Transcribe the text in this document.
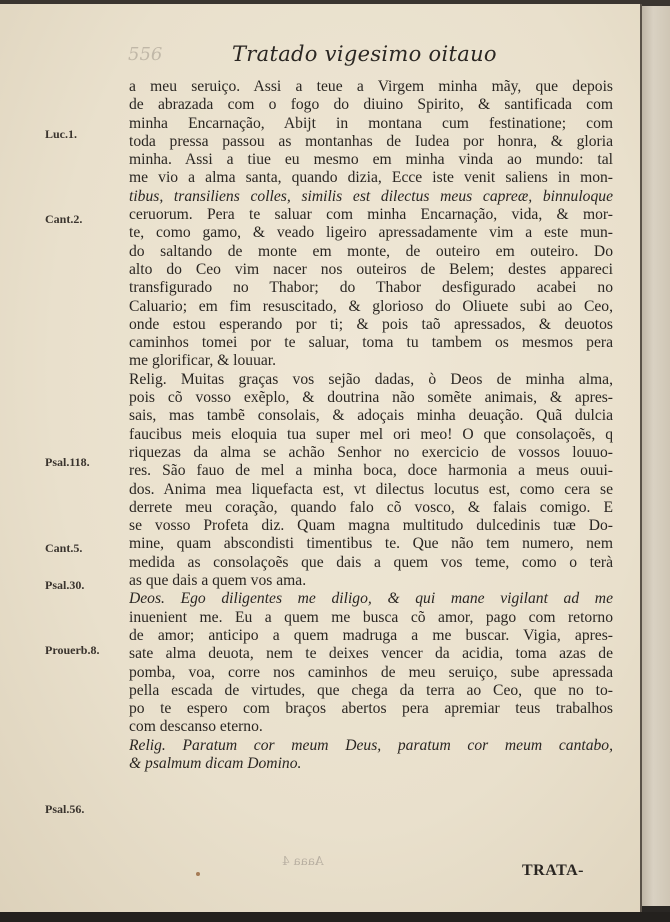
556	Tratado vigesimo oitauo
Luc.1.
Cant.2.
Psal.118.
Cant.5.
Psal.30.
Prouerb.8.
Psal.56.
a meu seruiço. Assi a teue a Virgem minha mãy, que depois
de abrazada com o fogo do diuino Spirito, & santificada com
minha Encarnação, Abijt in montana cum festinatione; com
toda pressa passou as montanhas de Iudea por honra, & gloria
minha. Assi a tiue eu mesmo em minha vinda ao mundo: tal
me vio a alma santa, quando dizia, Ecce iste venit saliens in mon-
tibus, transiliens colles, similis est dilectus meus capreæ, binnuloque
ceruorum. Pera te saluar com minha Encarnação, vida, & mor-
te, como gamo, & veado ligeiro apressadamente vim a este mun-
do saltando de monte em monte, de outeiro em outeiro. Do
alto do Ceo vim nacer nos outeiros de Belem; destes appareci
transfigurado no Thabor; do Thabor desfigurado acabei no
Caluario; em fim resuscitado, & glorioso do Oliuete subi ao Ceo,
onde estou esperando por ti; & pois taõ apressados, & deuotos
caminhos tomei por te saluar, toma tu tambem os mesmos pera
me glorificar, & louuar.
Relig. Muitas graças vos sejão dadas, ò Deos de minha alma,
pois cõ vosso exẽplo, & doutrina não somẽte animais, & apres-
sais, mas tambẽ consolais, & adoçais minha deuação. Quã dulcia
faucibus meis eloquia tua super mel ori meo! O que consolaçoẽs, q
riquezas da alma se achão Senhor no exercicio de vossos louuo-
res. São fauo de mel a minha boca, doce harmonia a meus ouui-
dos. Anima mea liquefacta est, vt dilectus locutus est, como cera se
derrete meu coração, quando falo cõ vosco, & falais comigo. E
se vosso Profeta diz. Quam magna multitudo dulcedinis tuæ Do-
mine, quam abscondisti timentibus te. Que não tem numero, nem
medida as consolaçoẽs que dais a quem vos teme, como o terà
as que dais a quem vos ama.
Deos. Ego diligentes me diligo, & qui mane vigilant ad me
inuenient me. Eu a quem me busca cõ amor, pago com retorno
de amor; anticipo a quem madruga a me buscar. Vigia, apres-
sate alma deuota, nem te deixes vencer da acidia, toma azas de
pomba, voa, corre nos caminhos de meu seruiço, sube apressada
pella escada de virtudes, que chega da terra ao Ceo, que no to-
po te espero com braços abertos pera apremiar teus trabalhos
com descanso eterno.
Relig. Paratum cor meum Deus, paratum cor meum cantabo,
& psalmum dicam Domino.
Aaaa 4
TRATA-
